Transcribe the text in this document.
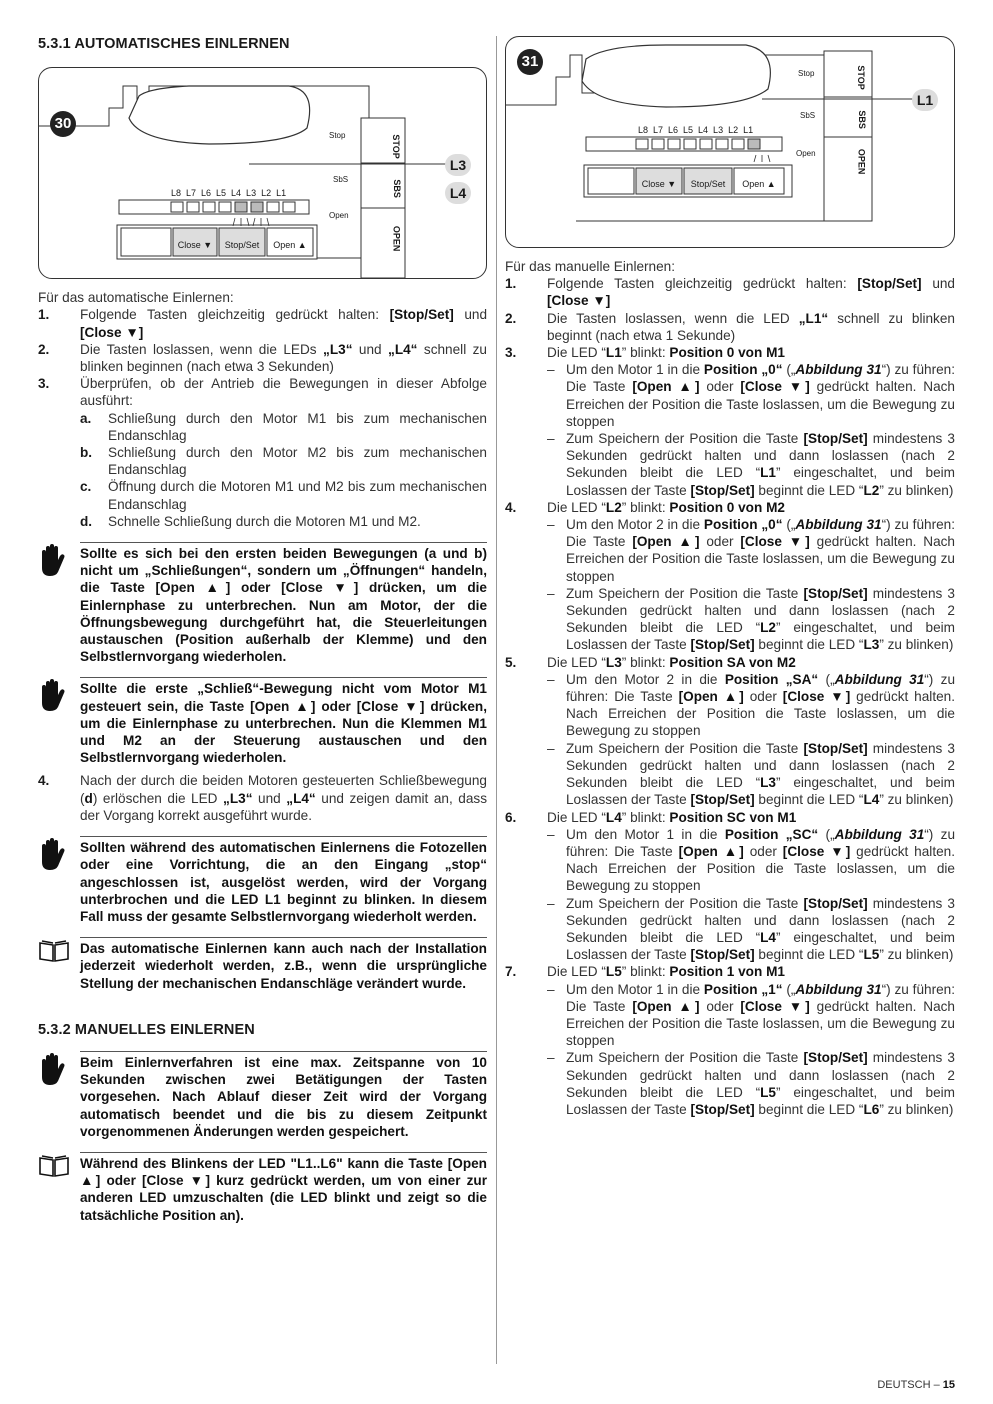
5.3.1 AUTOMATISCHES EINLERNEN
30
L3
L4
L8  L7  L6  L5  L4  L3  L2  L1
Close ▼	Stop/Set	Open ▲
Stop
SbS
Open
STOP
SBS
OPEN
Für das automatische Einlernen:
1.	Folgende Tasten gleichzeitig gedrückt halten: [Stop/Set] und [Close ▼]
2.	Die Tasten loslassen, wenn die LEDs „L3“ und „L4“ schnell zu blinken beginnen (nach etwa 3 Sekunden)
3.	Überprüfen, ob der Antrieb die Bewegungen in dieser Abfolge ausführt:
a.	Schließung durch den Motor M1 bis zum mechanischen Endanschlag
b.	Schließung durch den Motor M2 bis zum mechanischen Endanschlag
c.	Öffnung durch die Motoren M1 und M2 bis zum mechanischen Endanschlag
d.	Schnelle Schließung durch die Motoren M1 und M2.
Sollte es sich bei den ersten beiden Bewegungen (a und b) nicht um „Schließungen“, sondern um „Öffnungen“ handeln, die Taste [Open ▲] oder [Close ▼] drücken, um die Einlernphase zu unterbrechen. Nun am Motor, der die Öffnungsbewegung durchgeführt hat, die Steuerleitungen austauschen (Position außerhalb der Klemme) und den Selbstlernvorgang wiederholen.
Sollte die erste „Schließ“-Bewegung nicht vom Motor M1 gesteuert sein, die Taste [Open ▲] oder [Close ▼] drücken, um die Einlernphase zu unterbrechen. Nun die Klemmen M1 und M2 an der Steuerung austauschen und den Selbstlernvorgang wiederholen.
4.	Nach der durch die beiden Motoren gesteuerten Schließbewegung (d) erlöschen die LED „L3“ und „L4“ und zeigen damit an, dass der Vorgang korrekt ausgeführt wurde.
Sollten während des automatischen Einlernens die Fotozellen oder eine Vorrichtung, die an den Eingang „stop“ angeschlossen ist, ausgelöst werden, wird der Vorgang unterbrochen und die LED L1 beginnt zu blinken. In diesem Fall muss der gesamte Selbstlernvorgang wiederholt werden.
Das automatische Einlernen kann auch nach der Installation jederzeit wiederholt werden, z.B., wenn die ursprüngliche Stellung der mechanischen Endanschläge verändert wurde.
5.3.2 MANUELLES EINLERNEN
Beim Einlernverfahren ist eine max. Zeitspanne von 10 Sekunden zwischen zwei Betätigungen der Tasten vorgesehen. Nach Ablauf dieser Zeit wird der Vorgang automatisch beendet und die bis zu diesem Zeitpunkt vorgenommenen Änderungen werden gespeichert.
Während des Blinkens der LED "L1..L6" kann die Taste [Open ▲] oder [Close ▼] kurz gedrückt werden, um von einer zur anderen LED umzuschalten (die LED blinkt und zeigt so die tatsächliche Position an).
31
L1
L8  L7  L6  L5  L4  L3  L2  L1
Close ▼	Stop/Set	Open ▲
Stop
SbS
Open
STOP
SBS
OPEN
Für das manuelle Einlernen:
1.	Folgende Tasten gleichzeitig gedrückt halten: [Stop/Set] und [Close ▼]
2.	Die Tasten loslassen, wenn die LED „L1“ schnell zu blinken beginnt (nach etwa 1 Sekunde)
3.	Die LED “L1” blinkt: Position 0 von M1
– Um den Motor 1 in die Position „0“ („Abbildung 31“) zu führen: Die Taste [Open ▲] oder [Close ▼] gedrückt halten. Nach Erreichen der Position die Taste loslassen, um die Bewegung zu stoppen
– Zum Speichern der Position die Taste [Stop/Set] mindestens 3 Sekunden gedrückt halten und dann loslassen (nach 2 Sekunden bleibt die LED “L1” eingeschaltet, und beim Loslassen der Taste [Stop/Set] beginnt die LED “L2” zu blinken)
4.	Die LED “L2” blinkt: Position 0 von M2
– Um den Motor 2 in die Position „0“ („Abbildung 31“) zu führen: Die Taste [Open ▲] oder [Close ▼] gedrückt halten. Nach Erreichen der Position die Taste loslassen, um die Bewegung zu stoppen
– Zum Speichern der Position die Taste [Stop/Set] mindestens 3 Sekunden gedrückt halten und dann loslassen (nach 2 Sekunden bleibt die LED “L2” eingeschaltet, und beim Loslassen der Taste [Stop/Set] beginnt die LED “L3” zu blinken)
5.	Die LED “L3” blinkt: Position SA von M2
– Um den Motor 2 in die Position „SA“ („Abbildung 31“) zu führen: Die Taste [Open ▲] oder [Close ▼] gedrückt halten. Nach Erreichen der Position die Taste loslassen, um die Bewegung zu stoppen
– Zum Speichern der Position die Taste [Stop/Set] mindestens 3 Sekunden gedrückt halten und dann loslassen (nach 2 Sekunden bleibt die LED “L3” eingeschaltet, und beim Loslassen der Taste [Stop/Set] beginnt die LED “L4” zu blinken)
6.	Die LED “L4” blinkt: Position SC von M1
– Um den Motor 1 in die Position „SC“ („Abbildung 31“) zu führen: Die Taste [Open ▲] oder [Close ▼] gedrückt halten. Nach Erreichen der Position die Taste loslassen, um die Bewegung zu stoppen
– Zum Speichern der Position die Taste [Stop/Set] mindestens 3 Sekunden gedrückt halten und dann loslassen (nach 2 Sekunden bleibt die LED “L4” eingeschaltet, und beim Loslassen der Taste [Stop/Set] beginnt die LED “L5” zu blinken)
7.	Die LED “L5” blinkt: Position 1 von M1
– Um den Motor 1 in die Position „1“ („Abbildung 31“) zu führen: Die Taste [Open ▲] oder [Close ▼] gedrückt halten. Nach Erreichen der Position die Taste loslassen, um die Bewegung zu stoppen
– Zum Speichern der Position die Taste [Stop/Set] mindestens 3 Sekunden gedrückt halten und dann loslassen (nach 2 Sekunden bleibt die LED “L5” eingeschaltet, und beim Loslassen der Taste [Stop/Set] beginnt die LED “L6” zu blinken)
DEUTSCH – 15
